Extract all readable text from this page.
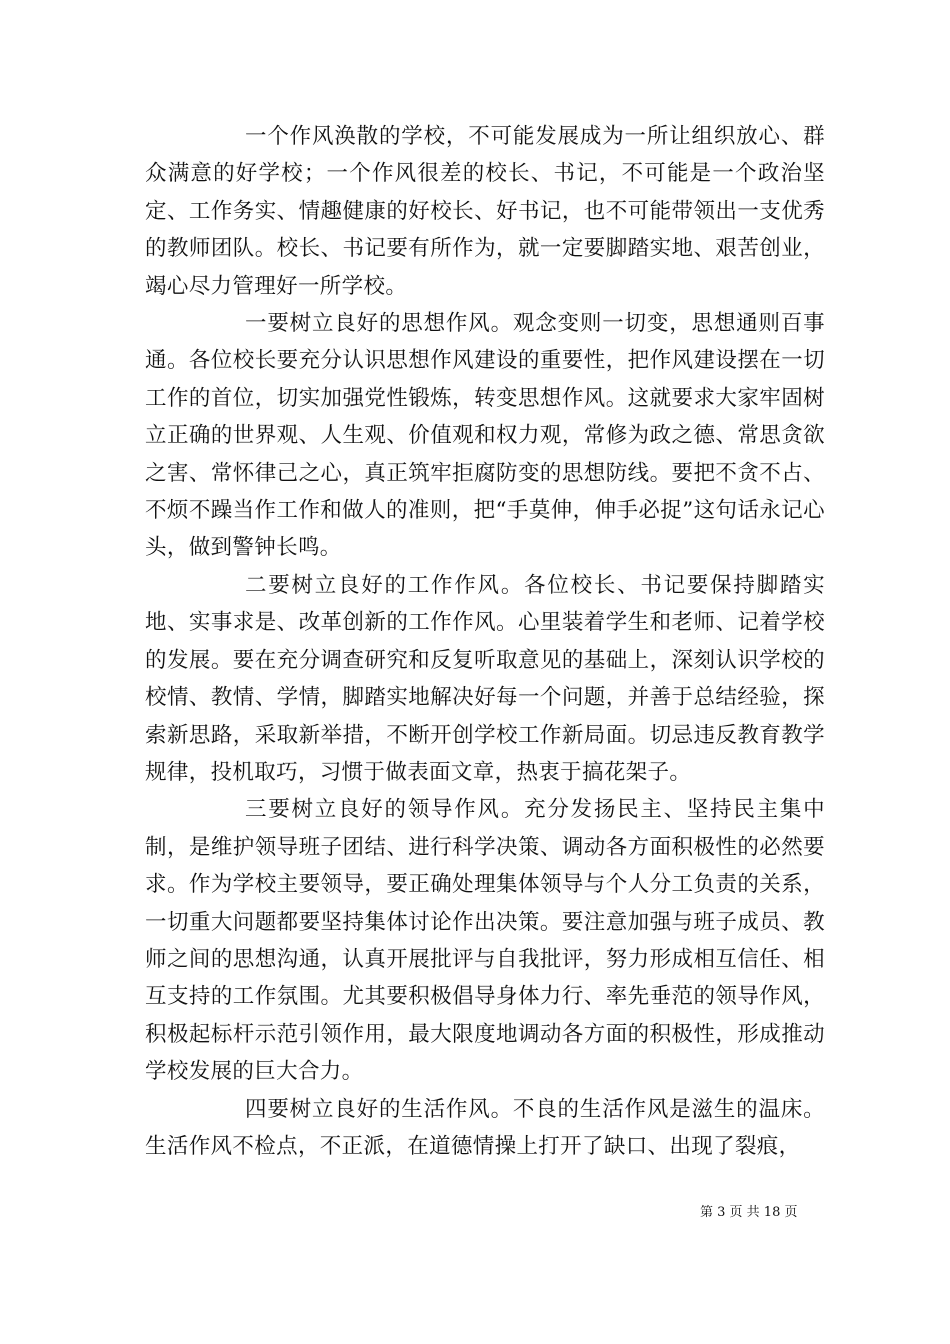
一个作风涣散的学校，不可能发展成为一所让组织放心、群众满意的好学校；一个作风很差的校长、书记，不可能是一个政治坚定、工作务实、情趣健康的好校长、好书记，也不可能带领出一支优秀的教师团队。校长、书记要有所作为，就一定要脚踏实地、艰苦创业，竭心尽力管理好一所学校。

一要树立良好的思想作风。观念变则一切变，思想通则百事通。各位校长要充分认识思想作风建设的重要性，把作风建设摆在一切工作的首位，切实加强党性锻炼，转变思想作风。这就要求大家牢固树立正确的世界观、人生观、价值观和权力观，常修为政之德、常思贪欲之害、常怀律己之心，真正筑牢拒腐防变的思想防线。要把不贪不占、不烦不躁当作工作和做人的准则，把“手莫伸，伸手必捉”这句话永记心头，做到警钟长鸣。

二要树立良好的工作作风。各位校长、书记要保持脚踏实地、实事求是、改革创新的工作作风。心里装着学生和老师、记着学校的发展。要在充分调查研究和反复听取意见的基础上，深刻认识学校的校情、教情、学情，脚踏实地解决好每一个问题，并善于总结经验，探索新思路，采取新举措，不断开创学校工作新局面。切忌违反教育教学规律，投机取巧，习惯于做表面文章，热衷于搞花架子。

三要树立良好的领导作风。充分发扬民主、坚持民主集中制，是维护领导班子团结、进行科学决策、调动各方面积极性的必然要求。作为学校主要领导，要正确处理集体领导与个人分工负责的关系，一切重大问题都要坚持集体讨论作出决策。要注意加强与班子成员、教师之间的思想沟通，认真开展批评与自我批评，努力形成相互信任、相互支持的工作氛围。尤其要积极倡导身体力行、率先垂范的领导作风，积极起标杆示范引领作用，最大限度地调动各方面的积极性，形成推动学校发展的巨大合力。

四要树立良好的生活作风。不良的生活作风是滋生的温床。生活作风不检点，不正派，在道德情操上打开了缺口、出现了裂痕，

第 3 页 共 18 页
